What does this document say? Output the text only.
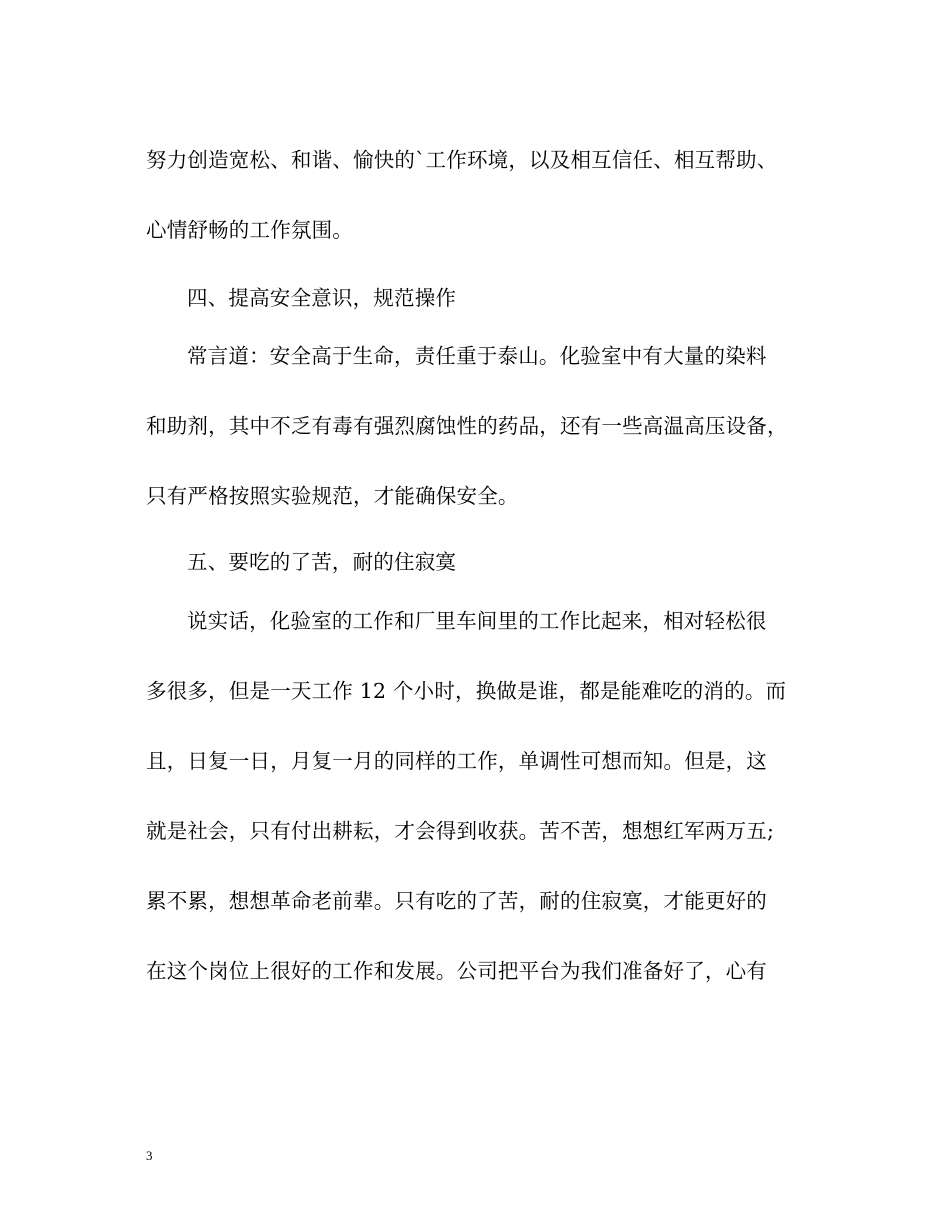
努力创造宽松、和谐、愉快的`工作环境，以及相互信任、相互帮助、
心情舒畅的工作氛围。
四、提高安全意识，规范操作
常言道：安全高于生命，责任重于泰山。化验室中有大量的染料
和助剂，其中不乏有毒有强烈腐蚀性的药品，还有一些高温高压设备，
只有严格按照实验规范，才能确保安全。
五、要吃的了苦，耐的住寂寞
说实话，化验室的工作和厂里车间里的工作比起来，相对轻松很
多很多，但是一天工作 12 个小时，换做是谁，都是能难吃的消的。而
且，日复一日，月复一月的同样的工作，单调性可想而知。但是，这
就是社会，只有付出耕耘，才会得到收获。苦不苦，想想红军两万五;
累不累，想想革命老前辈。只有吃的了苦，耐的住寂寞，才能更好的
在这个岗位上很好的工作和发展。公司把平台为我们准备好了，心有
3
